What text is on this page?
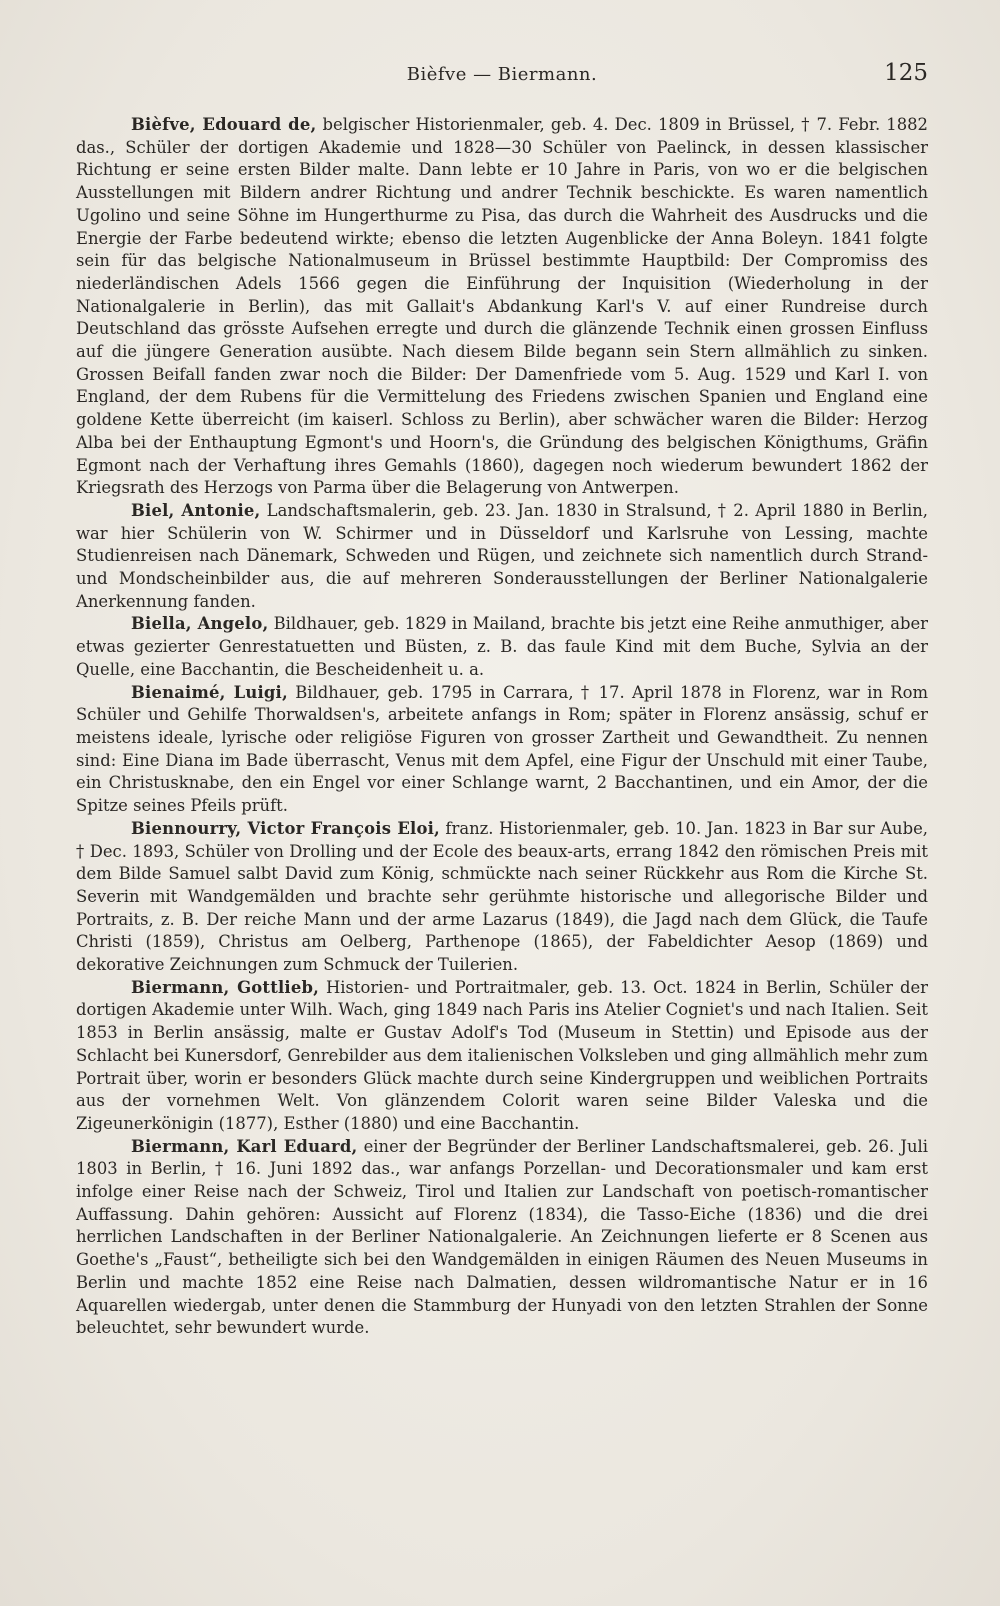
Bièfve — Biermann.	125

Bièfve, Edouard de, belgischer Historienmaler, geb. 4. Dec. 1809 in Brüssel, † 7. Febr. 1882 das., Schüler der dortigen Akademie und 1828—30 Schüler von Paelinck, in dessen klassischer Richtung er seine ersten Bilder malte. Dann lebte er 10 Jahre in Paris, von wo er die belgischen Ausstellungen mit Bildern andrer Richtung und andrer Technik beschickte. Es waren namentlich Ugolino und seine Söhne im Hungerthurme zu Pisa, das durch die Wahrheit des Ausdrucks und die Energie der Farbe bedeutend wirkte; ebenso die letzten Augenblicke der Anna Boleyn. 1841 folgte sein für das belgische Nationalmuseum in Brüssel bestimmte Hauptbild: Der Compromiss des niederländischen Adels 1566 gegen die Einführung der Inquisition (Wiederholung in der Nationalgalerie in Berlin), das mit Gallait's Abdankung Karl's V. auf einer Rundreise durch Deutschland das grösste Aufsehen erregte und durch die glänzende Technik einen grossen Einfluss auf die jüngere Generation ausübte. Nach diesem Bilde begann sein Stern allmählich zu sinken. Grossen Beifall fanden zwar noch die Bilder: Der Damenfriede vom 5. Aug. 1529 und Karl I. von England, der dem Rubens für die Vermittelung des Friedens zwischen Spanien und England eine goldene Kette überreicht (im kaiserl. Schloss zu Berlin), aber schwächer waren die Bilder: Herzog Alba bei der Enthauptung Egmont's und Hoorn's, die Gründung des belgischen Königthums, Gräfin Egmont nach der Verhaftung ihres Gemahls (1860), dagegen noch wiederum bewundert 1862 der Kriegsrath des Herzogs von Parma über die Belagerung von Antwerpen.

Biel, Antonie, Landschaftsmalerin, geb. 23. Jan. 1830 in Stralsund, † 2. April 1880 in Berlin, war hier Schülerin von W. Schirmer und in Düsseldorf und Karlsruhe von Lessing, machte Studienreisen nach Dänemark, Schweden und Rügen, und zeichnete sich namentlich durch Strand- und Mondscheinbilder aus, die auf mehreren Sonderausstellungen der Berliner Nationalgalerie Anerkennung fanden.

Biella, Angelo, Bildhauer, geb. 1829 in Mailand, brachte bis jetzt eine Reihe anmuthiger, aber etwas gezierter Genrestatuetten und Büsten, z. B. das faule Kind mit dem Buche, Sylvia an der Quelle, eine Bacchantin, die Bescheidenheit u. a.

Bienaimé, Luigi, Bildhauer, geb. 1795 in Carrara, † 17. April 1878 in Florenz, war in Rom Schüler und Gehilfe Thorwaldsen's, arbeitete anfangs in Rom; später in Florenz ansässig, schuf er meistens ideale, lyrische oder religiöse Figuren von grosser Zartheit und Gewandtheit. Zu nennen sind: Eine Diana im Bade überrascht, Venus mit dem Apfel, eine Figur der Unschuld mit einer Taube, ein Christusknabe, den ein Engel vor einer Schlange warnt, 2 Bacchantinen, und ein Amor, der die Spitze seines Pfeils prüft.

Biennourry, Victor François Eloi, franz. Historienmaler, geb. 10. Jan. 1823 in Bar sur Aube, † Dec. 1893, Schüler von Drolling und der Ecole des beaux-arts, errang 1842 den römischen Preis mit dem Bilde Samuel salbt David zum König, schmückte nach seiner Rückkehr aus Rom die Kirche St. Severin mit Wandgemälden und brachte sehr gerühmte historische und allegorische Bilder und Portraits, z. B. Der reiche Mann und der arme Lazarus (1849), die Jagd nach dem Glück, die Taufe Christi (1859), Christus am Oelberg, Parthenope (1865), der Fabeldichter Aesop (1869) und dekorative Zeichnungen zum Schmuck der Tuilerien.

Biermann, Gottlieb, Historien- und Portraitmaler, geb. 13. Oct. 1824 in Berlin, Schüler der dortigen Akademie unter Wilh. Wach, ging 1849 nach Paris ins Atelier Cogniet's und nach Italien. Seit 1853 in Berlin ansässig, malte er Gustav Adolf's Tod (Museum in Stettin) und Episode aus der Schlacht bei Kunersdorf, Genrebilder aus dem italienischen Volksleben und ging allmählich mehr zum Portrait über, worin er besonders Glück machte durch seine Kindergruppen und weiblichen Portraits aus der vornehmen Welt. Von glänzendem Colorit waren seine Bilder Valeska und die Zigeunerkönigin (1877), Esther (1880) und eine Bacchantin.

Biermann, Karl Eduard, einer der Begründer der Berliner Landschaftsmalerei, geb. 26. Juli 1803 in Berlin, † 16. Juni 1892 das., war anfangs Porzellan- und Decorationsmaler und kam erst infolge einer Reise nach der Schweiz, Tirol und Italien zur Landschaft von poetisch-romantischer Auffassung. Dahin gehören: Aussicht auf Florenz (1834), die Tasso-Eiche (1836) und die drei herrlichen Landschaften in der Berliner Nationalgalerie. An Zeichnungen lieferte er 8 Scenen aus Goethe's „Faust“, betheiligte sich bei den Wandgemälden in einigen Räumen des Neuen Museums in Berlin und machte 1852 eine Reise nach Dalmatien, dessen wildromantische Natur er in 16 Aquarellen wiedergab, unter denen die Stammburg der Hunyadi von den letzten Strahlen der Sonne beleuchtet, sehr bewundert wurde.
